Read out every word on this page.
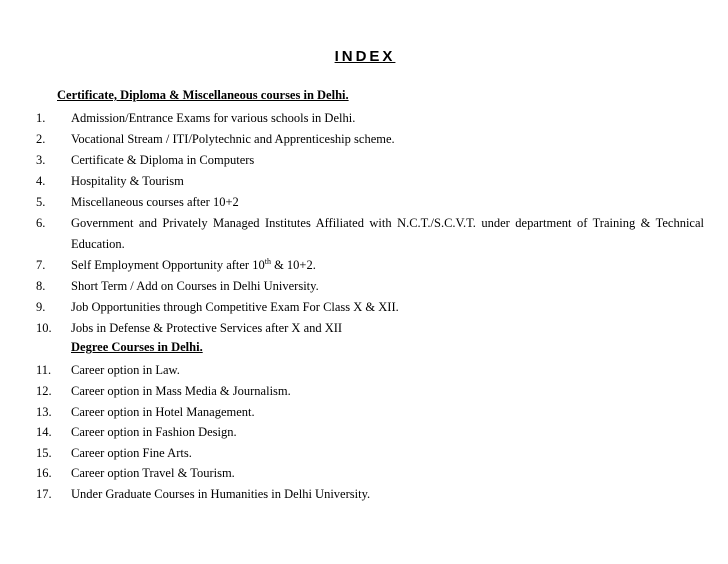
INDEX
Certificate, Diploma & Miscellaneous courses in Delhi.
1. Admission/Entrance Exams for various schools in Delhi.
2. Vocational Stream / ITI/Polytechnic and Apprenticeship scheme.
3. Certificate & Diploma in Computers
4. Hospitality & Tourism
5. Miscellaneous courses after 10+2
6. Government and Privately Managed Institutes Affiliated with N.C.T./S.C.V.T. under department of Training & Technical
Education.
7. Self Employment Opportunity after 10th & 10+2.
8. Short Term / Add on Courses in Delhi University.
9. Job Opportunities through Competitive Exam For Class X & XII.
10. Jobs in Defense & Protective Services after X and XII
Degree Courses in Delhi.
11. Career option in Law.
12. Career option in Mass Media & Journalism.
13. Career option in Hotel Management.
14. Career option in Fashion Design.
15. Career option Fine Arts.
16. Career option Travel & Tourism.
17. Under Graduate Courses in Humanities in Delhi University.
